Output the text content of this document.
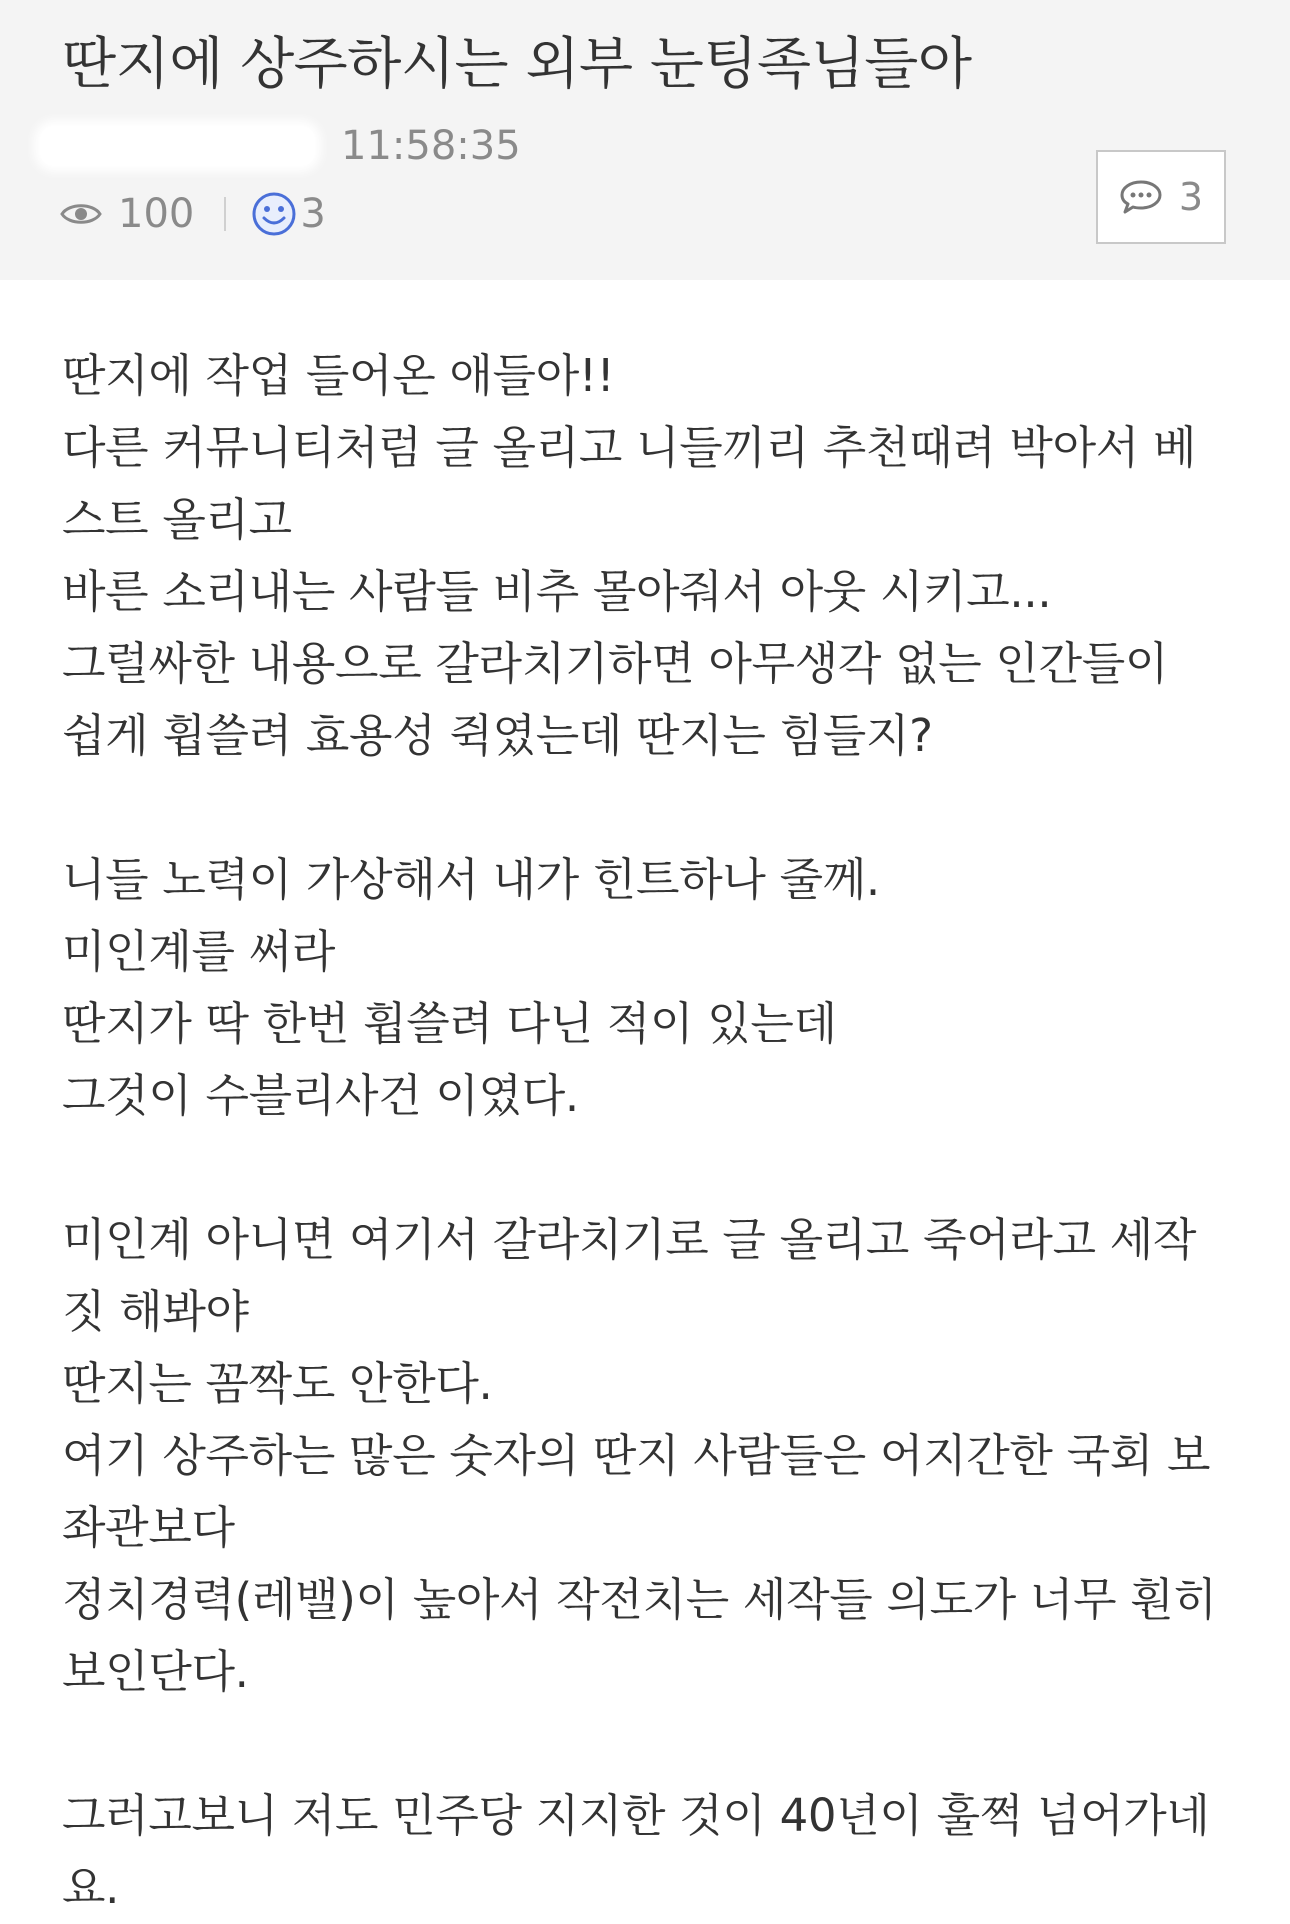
딴지에 상주하시는 외부 눈팅족님들아
11:58:35
100	3	3
딴지에 작업 들어온 애들아!!
다른 커뮤니티처럼 글 올리고 니들끼리 추천때려 박아서 베
스트 올리고
바른 소리내는 사람들 비추 몰아줘서 아웃 시키고...
그럴싸한 내용으로 갈라치기하면 아무생각 없는 인간들이
쉽게 휩쓸려 효용성 쥑였는데 딴지는 힘들지?
니들 노력이 가상해서 내가 힌트하나 줄께.
미인계를 써라
딴지가 딱 한번 휩쓸려 다닌 적이 있는데
그것이 수블리사건 이였다.
미인계 아니면 여기서 갈라치기로 글 올리고 죽어라고 세작
짓 해봐야
딴지는 꼼짝도 안한다.
여기 상주하는 많은 숫자의 딴지 사람들은 어지간한 국회 보
좌관보다
정치경력(레밸)이 높아서 작전치는 세작들 의도가 너무 훤히
보인단다.
그러고보니 저도 민주당 지지한 것이 40년이 훌쩍 넘어가네
요.
